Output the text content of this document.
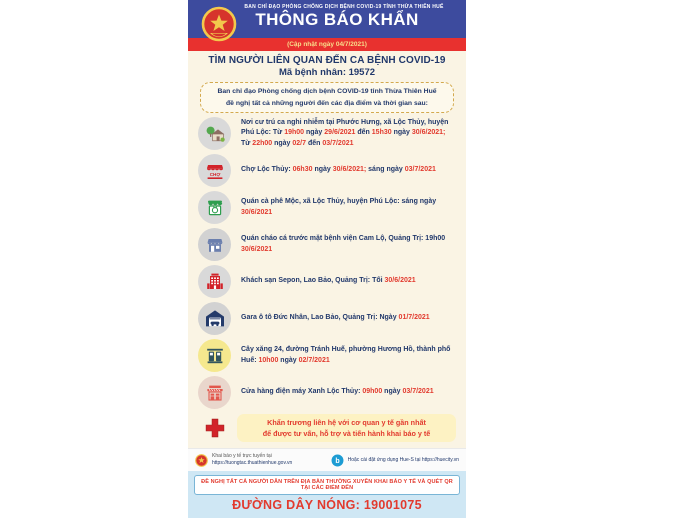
BAN CHỈ ĐẠO PHÒNG CHỐNG DỊCH BỆNH COVID-19 TỈNH THỪA THIÊN HUẾ
THÔNG BÁO KHẨN
(Cập nhật ngày 04/7/2021)
TÌM NGƯỜI LIÊN QUAN ĐẾN CA BỆNH COVID-19
Mã bệnh nhân: 19572
Ban chỉ đạo Phòng chống dịch bệnh COVID-19 tỉnh Thừa Thiên Huế đề nghị tất cả những người đến các địa điểm và thời gian sau:
Nơi cư trú ca nghi nhiễm tại Phước Hưng, xã Lộc Thủy, huyện Phú Lộc: Từ 19h00 ngày 29/6/2021 đến 15h30 ngày 30/6/2021; Từ 22h00 ngày 02/7 đến 03/7/2021
CHỢ
Chợ Lộc Thủy: 06h30 ngày 30/6/2021; sáng ngày 03/7/2021
Quán cà phê Mộc, xã Lộc Thủy, huyện Phú Lộc: sáng ngày 30/6/2021
Quán cháo cá trước mặt bệnh viện Cam Lộ, Quảng Trị: 19h00 30/6/2021
Khách sạn Sepon, Lao Bảo, Quảng Trị: Tối 30/6/2021
Gara ô tô Đức Nhân, Lao Bảo, Quảng Trị: Ngày 01/7/2021
Cây xăng 24, đường Tránh Huế, phường Hương Hồ, thành phố Huế: 10h00 ngày 02/7/2021
Cửa hàng điện máy Xanh Lộc Thủy: 09h00 ngày 03/7/2021
Khẩn trương liên hệ với cơ quan y tế gần nhất
để được tư vấn, hỗ trợ và tiến hành khai báo y tế
Khai báo y tế trực tuyến tại
https://tuongtac.thuathienhue.gov.vn	b Hoặc cài đặt ứng dụng Hue-S tại https://huecity.vn
ĐỀ NGHỊ TẤT CẢ NGƯỜI DÂN TRÊN ĐỊA BÀN THƯỜNG XUYÊN KHAI BÁO Y TẾ VÀ QUÉT QR TẠI CÁC ĐIỂM ĐẾN
ĐƯỜNG DÂY NÓNG: 19001075
